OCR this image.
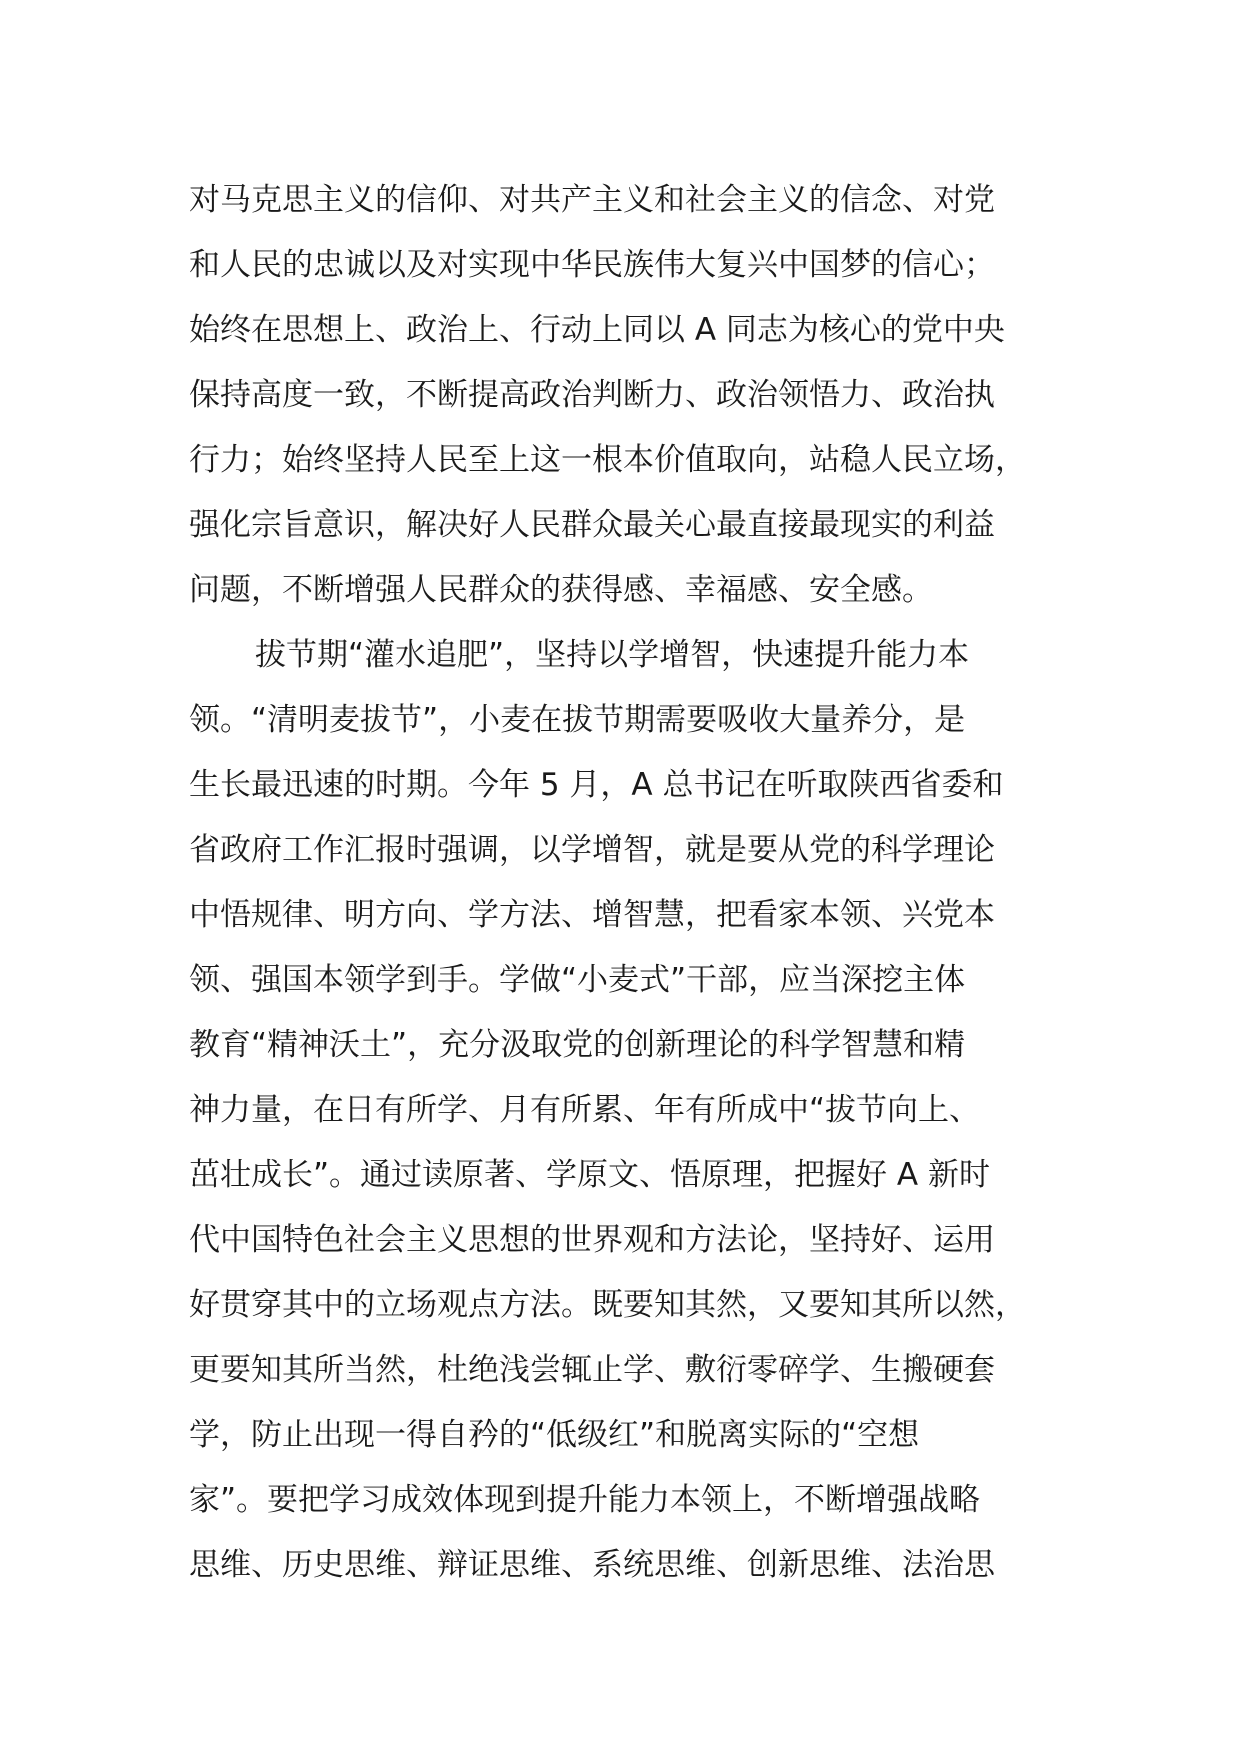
对马克思主义的信仰、对共产主义和社会主义的信念、对党
和人民的忠诚以及对实现中华民族伟大复兴中国梦的信心；
始终在思想上、政治上、行动上同以 A 同志为核心的党中央
保持高度一致，不断提高政治判断力、政治领悟力、政治执
行力；始终坚持人民至上这一根本价值取向，站稳人民立场，
强化宗旨意识，解决好人民群众最关心最直接最现实的利益
问题，不断增强人民群众的获得感、幸福感、安全感。
拔节期“灌水追肥”，坚持以学增智，快速提升能力本
领。“清明麦拔节”，小麦在拔节期需要吸收大量养分，是
生长最迅速的时期。今年 5 月，A 总书记在听取陕西省委和
省政府工作汇报时强调，以学增智，就是要从党的科学理论
中悟规律、明方向、学方法、增智慧，把看家本领、兴党本
领、强国本领学到手。学做“小麦式”干部，应当深挖主体
教育“精神沃土”，充分汲取党的创新理论的科学智慧和精
神力量，在日有所学、月有所累、年有所成中“拔节向上、
茁壮成长”。通过读原著、学原文、悟原理，把握好 A 新时
代中国特色社会主义思想的世界观和方法论，坚持好、运用
好贯穿其中的立场观点方法。既要知其然，又要知其所以然，
更要知其所当然，杜绝浅尝辄止学、敷衍零碎学、生搬硬套
学，防止出现一得自矜的“低级红”和脱离实际的“空想
家”。要把学习成效体现到提升能力本领上，不断增强战略
思维、历史思维、辩证思维、系统思维、创新思维、法治思
